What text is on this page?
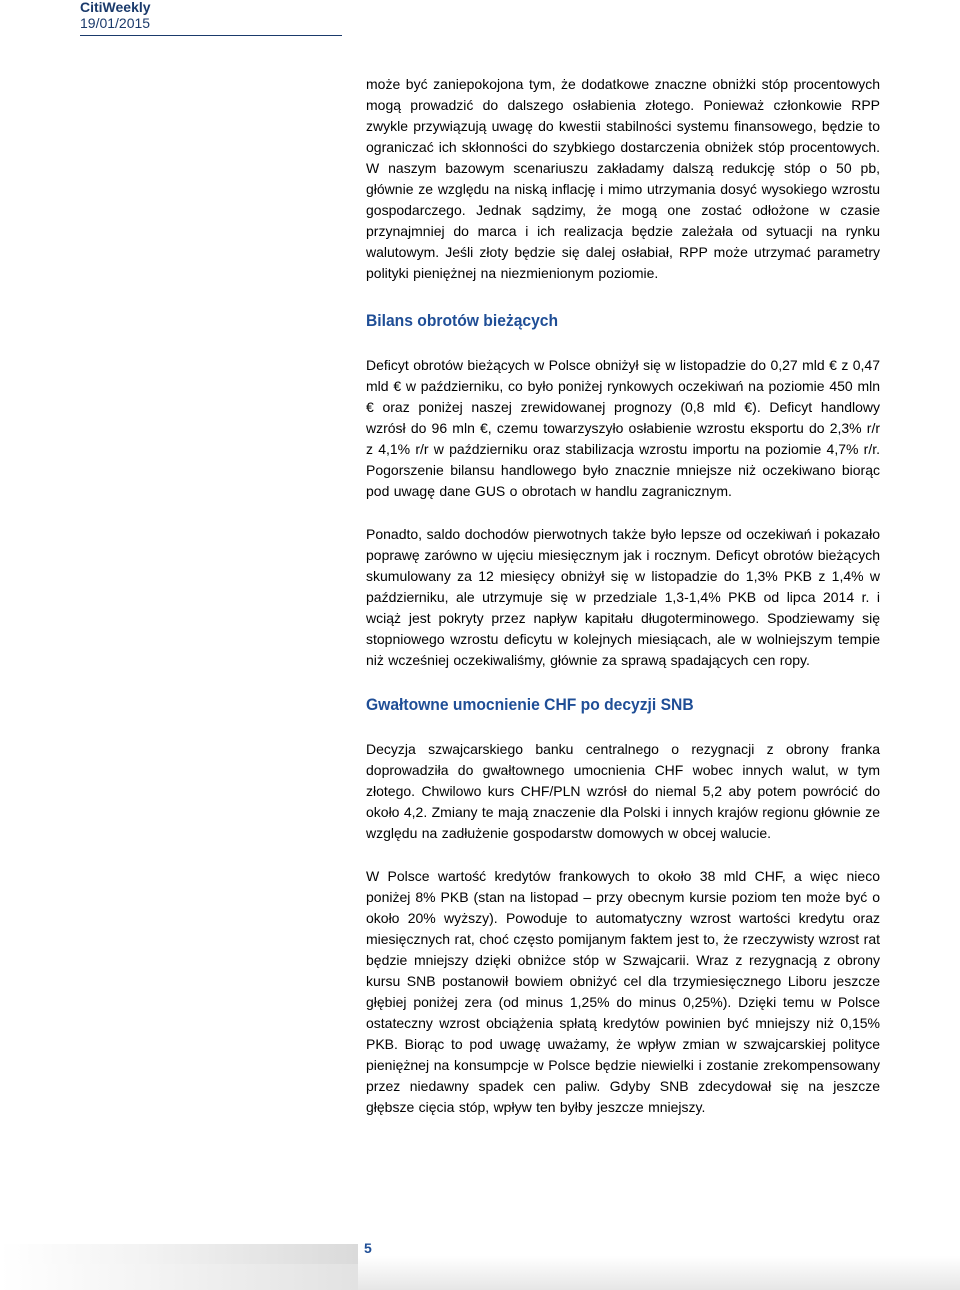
CitiWeekly
19/01/2015

może być zaniepokojona tym, że dodatkowe znaczne obniżki stóp procentowych mogą prowadzić do dalszego osłabienia złotego. Ponieważ członkowie RPP zwykle przywiązują uwagę do kwestii stabilności systemu finansowego, będzie to ograniczać ich skłonności do szybkiego dostarczenia obniżek stóp procentowych. W naszym bazowym scenariuszu zakładamy dalszą redukcję stóp o 50 pb, głównie ze względu na niską inflację i mimo utrzymania dosyć wysokiego wzrostu gospodarczego. Jednak sądzimy, że mogą one zostać odłożone w czasie przynajmniej do marca i ich realizacja będzie zależała od sytuacji na rynku walutowym. Jeśli złoty będzie się dalej osłabiał, RPP może utrzymać parametry polityki pieniężnej na niezmienionym poziomie.

Bilans obrotów bieżących

Deficyt obrotów bieżących w Polsce obniżył się w listopadzie do 0,27 mld € z 0,47 mld € w październiku, co było poniżej rynkowych oczekiwań na poziomie 450 mln € oraz poniżej naszej zrewidowanej prognozy (0,8 mld €). Deficyt handlowy wzrósł do 96 mln €, czemu towarzyszyło osłabienie wzrostu eksportu do 2,3% r/r z 4,1% r/r w październiku oraz stabilizacja wzrostu importu na poziomie 4,7% r/r. Pogorszenie bilansu handlowego było znacznie mniejsze niż oczekiwano biorąc pod uwagę dane GUS o obrotach w handlu zagranicznym.

Ponadto, saldo dochodów pierwotnych także było lepsze od oczekiwań i pokazało poprawę zarówno w ujęciu miesięcznym jak i rocznym. Deficyt obrotów bieżących skumulowany za 12 miesięcy obniżył się w listopadzie do 1,3% PKB z 1,4% w październiku, ale utrzymuje się w przedziale 1,3-1,4% PKB od lipca 2014 r. i wciąż jest pokryty przez napływ kapitału długoterminowego. Spodziewamy się stopniowego wzrostu deficytu w kolejnych miesiącach, ale w wolniejszym tempie niż wcześniej oczekiwaliśmy, głównie za sprawą spadających cen ropy.

Gwałtowne umocnienie CHF po decyzji SNB

Decyzja szwajcarskiego banku centralnego o rezygnacji z obrony franka doprowadziła do gwałtownego umocnienia CHF wobec innych walut, w tym złotego. Chwilowo kurs CHF/PLN wzrósł do niemal 5,2 aby potem powrócić do około 4,2. Zmiany te mają znaczenie dla Polski i innych krajów regionu głównie ze względu na zadłużenie gospodarstw domowych w obcej walucie.

W Polsce wartość kredytów frankowych to około 38 mld CHF, a więc nieco poniżej 8% PKB (stan na listopad – przy obecnym kursie poziom ten może być o około 20% wyższy). Powoduje to automatyczny wzrost wartości kredytu oraz miesięcznych rat, choć często pomijanym faktem jest to, że rzeczywisty wzrost rat będzie mniejszy dzięki obniżce stóp w Szwajcarii. Wraz z rezygnacją z obrony kursu SNB postanowił bowiem obniżyć cel dla trzymiesięcznego Liboru jeszcze głębiej poniżej zera (od minus 1,25% do minus 0,25%). Dzięki temu w Polsce ostateczny wzrost obciążenia spłatą kredytów powinien być mniejszy niż 0,15% PKB. Biorąc to pod uwagę uważamy, że wpływ zmian w szwajcarskiej polityce pieniężnej na konsumpcje w Polsce będzie niewielki i zostanie zrekompensowany przez niedawny spadek cen paliw. Gdyby SNB zdecydował się na jeszcze głębsze cięcia stóp, wpływ ten byłby jeszcze mniejszy.

5
